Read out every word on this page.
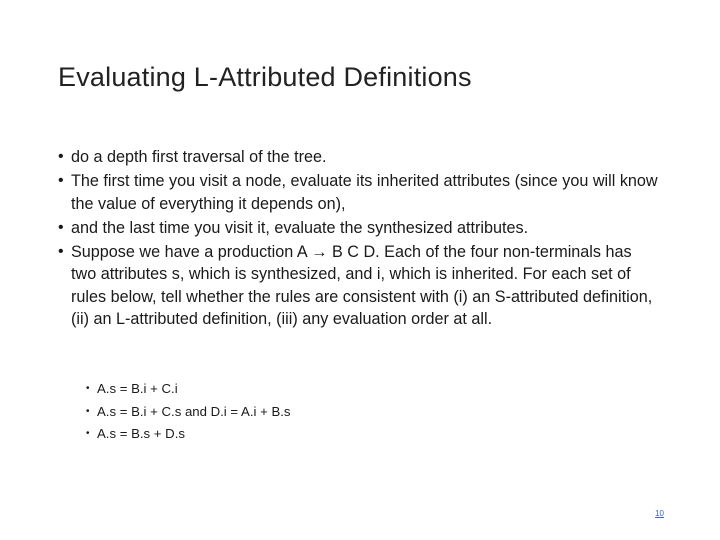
Evaluating L-Attributed Definitions
• do a depth first traversal of the tree.
• The first time you visit a node, evaluate its inherited attributes (since you will know the value of everything it depends on),
• and the last time you visit it, evaluate the synthesized attributes.
• Suppose we have a production A → B C D. Each of the four non-terminals has two attributes s, which is synthesized, and i, which is inherited. For each set of rules below, tell whether the rules are consistent with (i) an S-attributed definition, (ii) an L-attributed definition, (iii) any evaluation order at all.
• A.s = B.i + C.i
• A.s = B.i + C.s and D.i = A.i + B.s
• A.s = B.s + D.s
10
